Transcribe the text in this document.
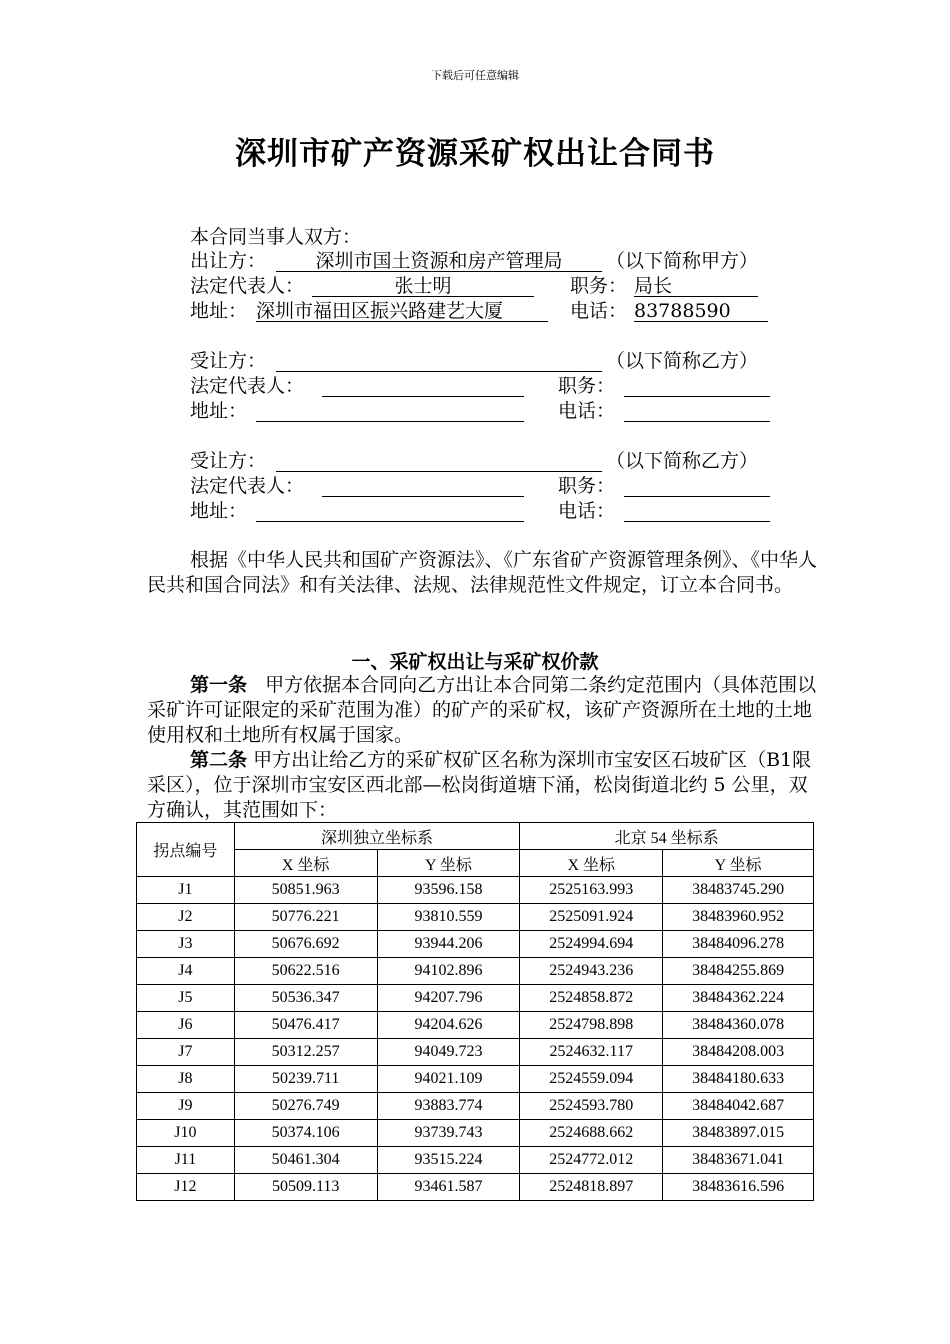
下载后可任意编辑
深圳市矿产资源采矿权出让合同书
本合同当事人双方：
出让方：	深圳市国土资源和房产管理局	（以下简称甲方）
法定代表人：	张士明	职务： 局长
地址： 深圳市福田区振兴路建艺大厦	电话： 83788590
受让方：	（以下简称乙方）
法定代表人：	职务：
地址：	电话：
受让方：	（以下简称乙方）
法定代表人：	职务：
地址：	电话：

根据《中华人民共和国矿产资源法》、《广东省矿产资源管理条例》、《中华人民共和国合同法》和有关法律、法规、法律规范性文件规定，订立本合同书。

一、采矿权出让与采矿权价款

第一条 甲方依据本合同向乙方出让本合同第二条约定范围内（具体范围以采矿许可证限定的采矿范围为准）的矿产的采矿权，该矿产资源所在土地的土地使用权和土地所有权属于国家。

第二条 甲方出让给乙方的采矿权矿区名称为深圳市宝安区石坡矿区（B1限采区），位于深圳市宝安区西北部—松岗街道塘下涌，松岗街道北约 5 公里，双方确认，其范围如下：

拐点编号	深圳独立坐标系		北京 54 坐标系	
	X 坐标	Y 坐标	X 坐标	Y 坐标
J1	50851.963	93596.158	2525163.993	38483745.290
J2	50776.221	93810.559	2525091.924	38483960.952
J3	50676.692	93944.206	2524994.694	38484096.278
J4	50622.516	94102.896	2524943.236	38484255.869
J5	50536.347	94207.796	2524858.872	38484362.224
J6	50476.417	94204.626	2524798.898	38484360.078
J7	50312.257	94049.723	2524632.117	38484208.003
J8	50239.711	94021.109	2524559.094	38484180.633
J9	50276.749	93883.774	2524593.780	38484042.687
J10	50374.106	93739.743	2524688.662	38483897.015
J11	50461.304	93515.224	2524772.012	38483671.041
J12	50509.113	93461.587	2524818.897	38483616.596
